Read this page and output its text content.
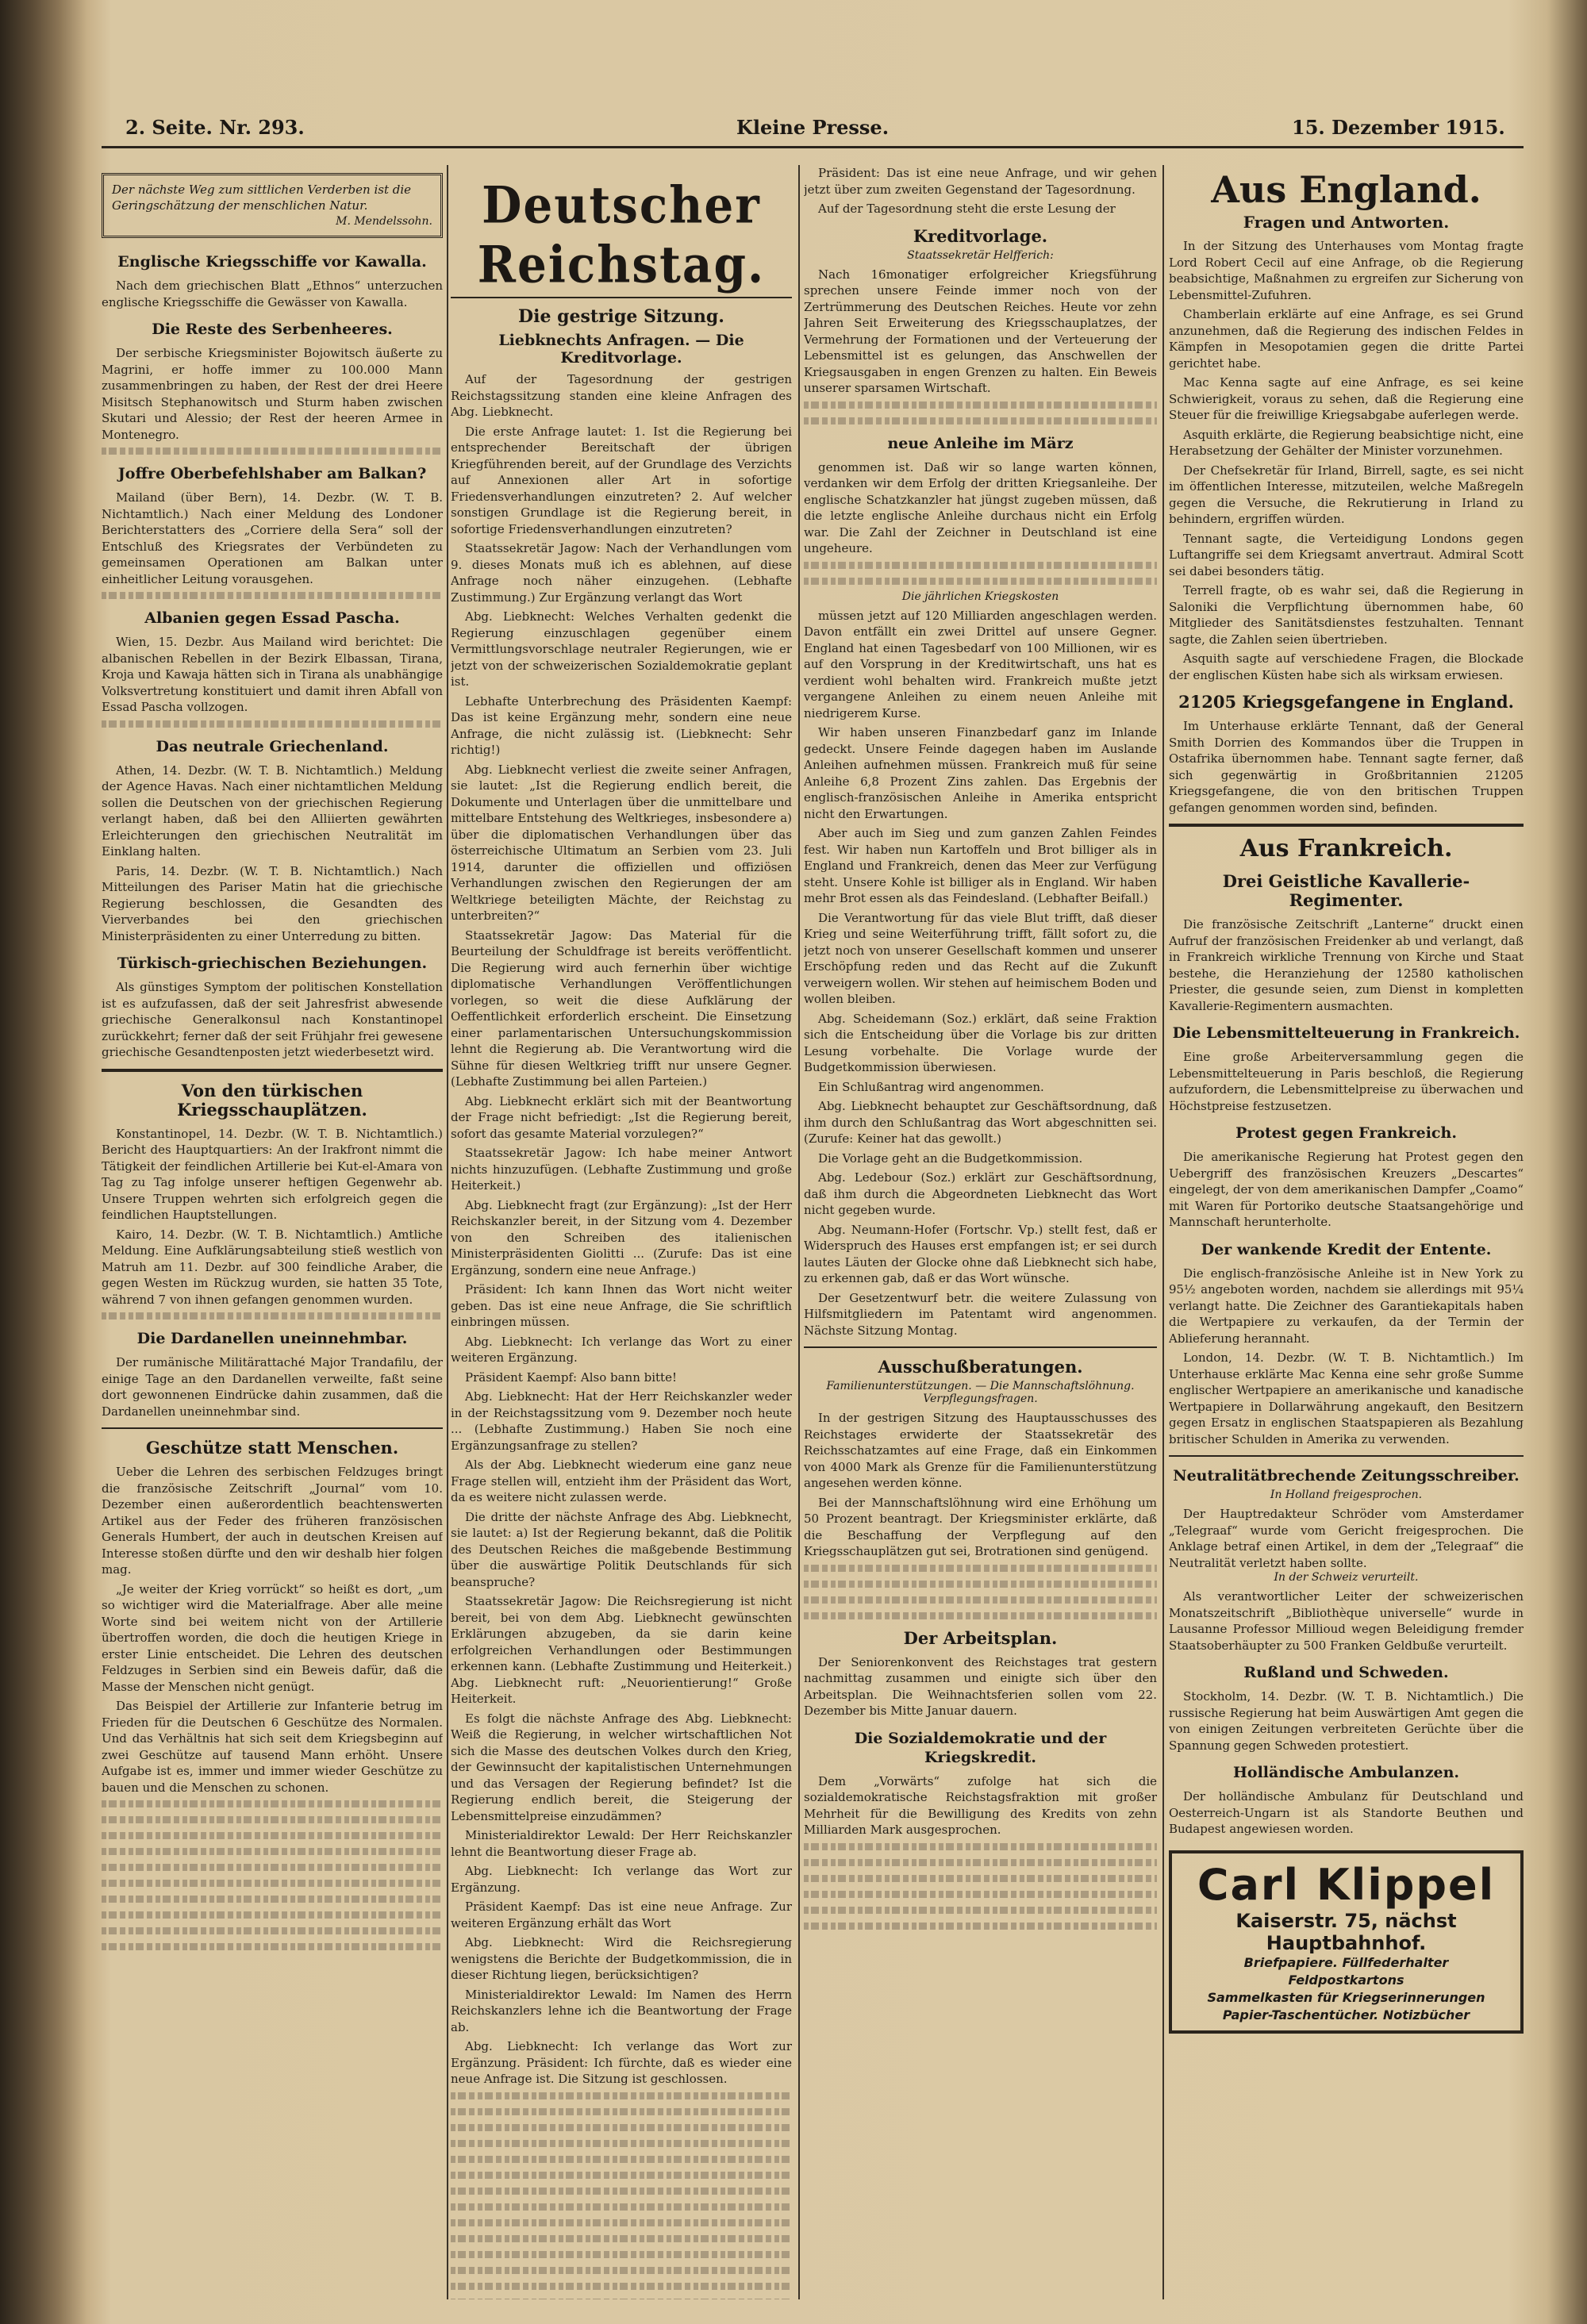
2. Seite. Nr. 293.	Kleine Presse.	15. Dezember 1915.
Der nächste Weg zum sittlichen Verderben ist die Geringschätzung der menschlichen Natur.
M. Mendelssohn.
Englische Kriegsschiffe vor Kawalla.

Nach dem griechischen Blatt „Ethnos“ unterzuchen englische Kriegsschiffe die Gewässer von Kawalla.

Die Reste des Serbenheeres.

Der serbische Kriegsminister Bojowitsch äußerte zu Magrini, er hoffe immer zu 100.000 Mann zusammenbringen zu haben, der Rest der drei Heere Misitsch Stephanowitsch und Sturm haben zwischen Skutari und Alessio; der Rest der heeren Armee in Montenegro.

Joffre Oberbefehlshaber am Balkan?

Mailand (über Bern), 14. Dezbr. (W. T. B. Nichtamtlich.) Nach einer Meldung des Londoner Berichterstatters des „Corriere della Sera“ soll der Entschluß des Kriegsrates der Verbündeten zu gemeinsamen Operationen am Balkan unter einheitlicher Leitung vorausgehen.

Albanien gegen Essad Pascha.

Wien, 15. Dezbr. Aus Mailand wird berichtet: Die albanischen Rebellen in der Bezirk Elbassan, Tirana, Kroja und Kawaja hätten sich in Tirana als unabhängige Volksvertretung konstituiert und damit ihren Abfall von Essad Pascha vollzogen.

Das neutrale Griechenland.

Athen, 14. Dezbr. (W. T. B. Nichtamtlich.) Meldung der Agence Havas. Nach einer nichtamtlichen Meldung sollen die Deutschen von der griechischen Regierung verlangt haben, daß bei den Alliierten gewährten Erleichterungen den griechischen Neutralität im Einklang halten.

Paris, 14. Dezbr. (W. T. B. Nichtamtlich.) Nach Mitteilungen des Pariser Matin hat die griechische Regierung beschlossen, die Gesandten des Vierverbandes bei den griechischen Ministerpräsidenten zu einer Unterredung zu bitten.

Türkisch-griechischen Beziehungen.

Als günstiges Symptom der politischen Konstellation ist es aufzufassen, daß der seit Jahresfrist abwesende griechische Generalkonsul nach Konstantinopel zurückkehrt; ferner daß der seit Frühjahr frei gewesene griechische Gesandtenposten jetzt wiederbesetzt wird.

Von den türkischen Kriegsschauplätzen.

Konstantinopel, 14. Dezbr. (W. T. B. Nichtamtlich.) Bericht des Hauptquartiers: An der Irakfront nimmt die Tätigkeit der feindlichen Artillerie bei Kut-el-Amara von Tag zu Tag infolge unserer heftigen Gegenwehr ab. Unsere Truppen wehrten sich erfolgreich gegen die feindlichen Hauptstellungen.

Kairo, 14. Dezbr. (W. T. B. Nichtamtlich.) Amtliche Meldung. Eine Aufklärungsabteilung stieß westlich von Matruh am 11. Dezbr. auf 300 feindliche Araber, die gegen Westen im Rückzug wurden, sie hatten 35 Tote, während 7 von ihnen gefangen genommen wurden.

Die Dardanellen uneinnehmbar.

Der rumänische Militärattaché Major Trandafilu, der einige Tage an den Dardanellen verweilte, faßt seine dort gewonnenen Eindrücke dahin zusammen, daß die Dardanellen uneinnehmbar sind.

Geschütze statt Menschen.

Ueber die Lehren des serbischen Feldzuges bringt die französische Zeitschrift „Journal“ vom 10. Dezember einen außerordentlich beachtenswerten Artikel aus der Feder des früheren französischen Generals Humbert, der auch in deutschen Kreisen auf Interesse stoßen dürfte und den wir deshalb hier folgen mag.

„Je weiter der Krieg vorrückt“ so heißt es dort, „um so wichtiger wird die Materialfrage. Aber alle meine Worte sind bei weitem nicht von der Artillerie übertroffen worden, die doch die heutigen Kriege in erster Linie entscheidet. Die Lehren des deutschen Feldzuges in Serbien sind ein Beweis dafür, daß die Masse der Menschen nicht genügt.

Das Beispiel der Artillerie zur Infanterie betrug im Frieden für die Deutschen 6 Geschütze des Normalen. Und das Verhältnis hat sich seit dem Kriegsbeginn auf zwei Geschütze auf tausend Mann erhöht. Unsere Aufgabe ist es, immer und immer wieder Geschütze zu bauen und die Menschen zu schonen.

Deutscher Reichstag.
Die gestrige Sitzung.
Liebknechts Anfragen. — Die Kreditvorlage.

Auf der Tagesordnung der gestrigen Reichstagssitzung standen eine kleine Anfragen des Abg. Liebknecht.

Die erste Anfrage lautet: 1. Ist die Regierung bei entsprechender Bereitschaft der übrigen Kriegführenden bereit, auf der Grundlage des Verzichts auf Annexionen aller Art in sofortige Friedensverhandlungen einzutreten? 2. Auf welcher sonstigen Grundlage ist die Regierung bereit, in sofortige Friedensverhandlungen einzutreten?

Staatssekretär Jagow: Nach der Verhandlungen vom 9. dieses Monats muß ich es ablehnen, auf diese Anfrage noch näher einzugehen. (Lebhafte Zustimmung.) Zur Ergänzung verlangt das Wort

Abg. Liebknecht: Welches Verhalten gedenkt die Regierung einzuschlagen gegenüber einem Vermittlungsvorschlage neutraler Regierungen, wie er jetzt von der schweizerischen Sozialdemokratie geplant ist.

Lebhafte Unterbrechung des Präsidenten Kaempf: Das ist keine Ergänzung mehr, sondern eine neue Anfrage, die nicht zulässig ist. (Liebknecht: Sehr richtig!)

Abg. Liebknecht verliest die zweite seiner Anfragen, sie lautet: „Ist die Regierung endlich bereit, die Dokumente und Unterlagen über die unmittelbare und mittelbare Entstehung des Weltkrieges, insbesondere a) über die diplomatischen Verhandlungen über das österreichische Ultimatum an Serbien vom 23. Juli 1914, darunter die offiziellen und offiziösen Verhandlungen zwischen den Regierungen der am Weltkriege beteiligten Mächte, der Reichstag zu unterbreiten?“

Staatssekretär Jagow: Das Material für die Beurteilung der Schuldfrage ist bereits veröffentlicht. Die Regierung wird auch fernerhin über wichtige diplomatische Verhandlungen Veröffentlichungen vorlegen, so weit die diese Aufklärung der Oeffentlichkeit erforderlich erscheint. Die Einsetzung einer parlamentarischen Untersuchungskommission lehnt die Regierung ab. Die Verantwortung wird die Sühne für diesen Weltkrieg trifft nur unsere Gegner. (Lebhafte Zustimmung bei allen Parteien.)

Abg. Liebknecht erklärt sich mit der Beantwortung der Frage nicht befriedigt: „Ist die Regierung bereit, sofort das gesamte Material vorzulegen?“

Staatssekretär Jagow: Ich habe meiner Antwort nichts hinzuzufügen. (Lebhafte Zustimmung und große Heiterkeit.)

Abg. Liebknecht fragt (zur Ergänzung): „Ist der Herr Reichskanzler bereit, in der Sitzung vom 4. Dezember von den Schreiben des italienischen Ministerpräsidenten Giolitti ... (Zurufe: Das ist eine Ergänzung, sondern eine neue Anfrage.)

Präsident: Ich kann Ihnen das Wort nicht weiter geben. Das ist eine neue Anfrage, die Sie schriftlich einbringen müssen.

Abg. Liebknecht: Ich verlange das Wort zu einer weiteren Ergänzung.

Präsident Kaempf: Also bann bitte!

Abg. Liebknecht: Hat der Herr Reichskanzler weder in der Reichstagssitzung vom 9. Dezember noch heute ... (Lebhafte Zustimmung.) Haben Sie noch eine Ergänzungsanfrage zu stellen?

Als der Abg. Liebknecht wiederum eine ganz neue Frage stellen will, entzieht ihm der Präsident das Wort, da es weitere nicht zulassen werde.

Die dritte der nächste Anfrage des Abg. Liebknecht, sie lautet: a) Ist der Regierung bekannt, daß die Politik des Deutschen Reiches die maßgebende Bestimmung über die auswärtige Politik Deutschlands für sich beanspruche?

Staatssekretär Jagow: Die Reichsregierung ist nicht bereit, bei von dem Abg. Liebknecht gewünschten Erklärungen abzugeben, da sie darin keine erfolgreichen Verhandlungen oder Bestimmungen erkennen kann. (Lebhafte Zustimmung und Heiterkeit.) Abg. Liebknecht ruft: „Neuorientierung!“ Große Heiterkeit.

Es folgt die nächste Anfrage des Abg. Liebknecht: Weiß die Regierung, in welcher wirtschaftlichen Not sich die Masse des deutschen Volkes durch den Krieg, der Gewinnsucht der kapitalistischen Unternehmungen und das Versagen der Regierung befindet? Ist die Regierung endlich bereit, die Steigerung der Lebensmittelpreise einzudämmen?

Ministerialdirektor Lewald: Der Herr Reichskanzler lehnt die Beantwortung dieser Frage ab.

Abg. Liebknecht: Ich verlange das Wort zur Ergänzung.

Präsident Kaempf: Das ist eine neue Anfrage. Zur weiteren Ergänzung erhält das Wort

Abg. Liebknecht: Wird die Reichsregierung wenigstens die Berichte der Budgetkommission, die in dieser Richtung liegen, berücksichtigen?

Ministerialdirektor Lewald: Im Namen des Herrn Reichskanzlers lehne ich die Beantwortung der Frage ab.

Abg. Liebknecht: Ich verlange das Wort zur Ergänzung. Präsident: Ich fürchte, daß es wieder eine neue Anfrage ist. Die Sitzung ist geschlossen.

Präsident: Das ist eine neue Anfrage, und wir gehen jetzt über zum zweiten Gegenstand der Tagesordnung.

Auf der Tagesordnung steht die erste Lesung der

Kreditvorlage.
Staatssekretär Helfferich:

Nach 16monatiger erfolgreicher Kriegsführung sprechen unsere Feinde immer noch von der Zertrümmerung des Deutschen Reiches. Heute vor zehn Jahren Seit Erweiterung des Kriegsschauplatzes, der Vermehrung der Formationen und der Verteuerung der Lebensmittel ist es gelungen, das Anschwellen der Kriegsausgaben in engen Grenzen zu halten. Ein Beweis unserer sparsamen Wirtschaft.

neue Anleihe im März

genommen ist. Daß wir so lange warten können, verdanken wir dem Erfolg der dritten Kriegsanleihe. Der englische Schatzkanzler hat jüngst zugeben müssen, daß die letzte englische Anleihe durchaus nicht ein Erfolg war. Die Zahl der Zeichner in Deutschland ist eine ungeheure.

Die jährlichen Kriegskosten

müssen jetzt auf 120 Milliarden angeschlagen werden. Davon entfällt ein zwei Drittel auf unsere Gegner. England hat einen Tagesbedarf von 100 Millionen, wir es auf den Vorsprung in der Kreditwirtschaft, uns hat es verdient wohl behalten wird. Frankreich mußte jetzt vergangene Anleihen zu einem neuen Anleihe mit niedrigerem Kurse.

Wir haben unseren Finanzbedarf ganz im Inlande gedeckt. Unsere Feinde dagegen haben im Auslande Anleihen aufnehmen müssen. Frankreich muß für seine Anleihe 6,8 Prozent Zins zahlen. Das Ergebnis der englisch-französischen Anleihe in Amerika entspricht nicht den Erwartungen.

Aber auch im Sieg und zum ganzen Zahlen Feindes fest. Wir haben nun Kartoffeln und Brot billiger als in England und Frankreich, denen das Meer zur Verfügung steht. Unsere Kohle ist billiger als in England. Wir haben mehr Brot essen als das Feindesland. (Lebhafter Beifall.)

Die Verantwortung für das viele Blut trifft, daß dieser Krieg und seine Weiterführung trifft, fällt sofort zu, die jetzt noch von unserer Gesellschaft kommen und unserer Erschöpfung reden und das Recht auf die Zukunft verweigern wollen. Wir stehen auf heimischem Boden und wollen bleiben.

Abg. Scheidemann (Soz.) erklärt, daß seine Fraktion sich die Entscheidung über die Vorlage bis zur dritten Lesung vorbehalte. Die Vorlage wurde der Budgetkommission überwiesen.

Ein Schlußantrag wird angenommen.

Abg. Liebknecht behauptet zur Geschäftsordnung, daß ihm durch den Schlußantrag das Wort abgeschnitten sei. (Zurufe: Keiner hat das gewollt.)

Die Vorlage geht an die Budgetkommission.

Abg. Ledebour (Soz.) erklärt zur Geschäftsordnung, daß ihm durch die Abgeordneten Liebknecht das Wort nicht gegeben wurde.

Abg. Neumann-Hofer (Fortschr. Vp.) stellt fest, daß er Widerspruch des Hauses erst empfangen ist; er sei durch lautes Läuten der Glocke ohne daß Liebknecht sich habe, zu erkennen gab, daß er das Wort wünsche.

Der Gesetzentwurf betr. die weitere Zulassung von Hilfsmitgliedern im Patentamt wird angenommen. Nächste Sitzung Montag.

Ausschußberatungen.
Familienunterstützungen. — Die Mannschaftslöhnung. Verpflegungsfragen.

In der gestrigen Sitzung des Hauptausschusses des Reichstages erwiderte der Staatssekretär des Reichsschatzamtes auf eine Frage, daß ein Einkommen von 4000 Mark als Grenze für die Familienunterstützung angesehen werden könne.

Bei der Mannschaftslöhnung wird eine Erhöhung um 50 Prozent beantragt. Der Kriegsminister erklärte, daß die Beschaffung der Verpflegung auf den Kriegsschauplätzen gut sei, Brotrationen sind genügend.

Der Arbeitsplan.

Der Seniorenkonvent des Reichstages trat gestern nachmittag zusammen und einigte sich über den Arbeitsplan. Die Weihnachtsferien sollen vom 22. Dezember bis Mitte Januar dauern.

Die Sozialdemokratie und der Kriegskredit.

Dem „Vorwärts“ zufolge hat sich die sozialdemokratische Reichstagsfraktion mit großer Mehrheit für die Bewilligung des Kredits von zehn Milliarden Mark ausgesprochen.

Aus England.
Fragen und Antworten.

In der Sitzung des Unterhauses vom Montag fragte Lord Robert Cecil auf eine Anfrage, ob die Regierung beabsichtige, Maßnahmen zu ergreifen zur Sicherung von Lebensmittel-Zufuhren.

Chamberlain erklärte auf eine Anfrage, es sei Grund anzunehmen, daß die Regierung des indischen Feldes in Kämpfen in Mesopotamien gegen die dritte Partei gerichtet habe.

Mac Kenna sagte auf eine Anfrage, es sei keine Schwierigkeit, voraus zu sehen, daß die Regierung eine Steuer für die freiwillige Kriegsabgabe auferlegen werde.

Asquith erklärte, die Regierung beabsichtige nicht, eine Herabsetzung der Gehälter der Minister vorzunehmen.

Der Chefsekretär für Irland, Birrell, sagte, es sei nicht im öffentlichen Interesse, mitzuteilen, welche Maßregeln gegen die Versuche, die Rekrutierung in Irland zu behindern, ergriffen würden.

Tennant sagte, die Verteidigung Londons gegen Luftangriffe sei dem Kriegsamt anvertraut. Admiral Scott sei dabei besonders tätig.

Terrell fragte, ob es wahr sei, daß die Regierung in Saloniki die Verpflichtung übernommen habe, 60 Mitglieder des Sanitätsdienstes festzuhalten. Tennant sagte, die Zahlen seien übertrieben.

Asquith sagte auf verschiedene Fragen, die Blockade der englischen Küsten habe sich als wirksam erwiesen.

21205 Kriegsgefangene in England.

Im Unterhause erklärte Tennant, daß der General Smith Dorrien des Kommandos über die Truppen in Ostafrika übernommen habe. Tennant sagte ferner, daß sich gegenwärtig in Großbritannien 21205 Kriegsgefangene, die von den britischen Truppen gefangen genommen worden sind, befinden.

Aus Frankreich.
Drei Geistliche Kavallerie-Regimenter.

Die französische Zeitschrift „Lanterne“ druckt einen Aufruf der französischen Freidenker ab und verlangt, daß in Frankreich wirkliche Trennung von Kirche und Staat bestehe, die Heranziehung der 12580 katholischen Priester, die gesunde seien, zum Dienst in kompletten Kavallerie-Regimentern ausmachten.

Die Lebensmittelteuerung in Frankreich.

Eine große Arbeiterversammlung gegen die Lebensmittelteuerung in Paris beschloß, die Regierung aufzufordern, die Lebensmittelpreise zu überwachen und Höchstpreise festzusetzen.

Protest gegen Frankreich.

Die amerikanische Regierung hat Protest gegen den Uebergriff des französischen Kreuzers „Descartes“ eingelegt, der von dem amerikanischen Dampfer „Coamo“ mit Waren für Portoriko deutsche Staatsangehörige und Mannschaft herunterholte.

Der wankende Kredit der Entente.

Die englisch-französische Anleihe ist in New York zu 95½ angeboten worden, nachdem sie allerdings mit 95¼ verlangt hatte. Die Zeichner des Garantiekapitals haben die Wertpapiere zu verkaufen, da der Termin der Ablieferung herannaht.

London, 14. Dezbr. (W. T. B. Nichtamtlich.) Im Unterhause erklärte Mac Kenna eine sehr große Summe englischer Wertpapiere an amerikanische und kanadische Wertpapiere in Dollarwährung angekauft, den Besitzern gegen Ersatz in englischen Staatspapieren als Bezahlung britischer Schulden in Amerika zu verwenden.

Neutralitätbrechende Zeitungsschreiber.
In Holland freigesprochen.

Der Hauptredakteur Schröder vom Amsterdamer „Telegraaf“ wurde vom Gericht freigesprochen. Die Anklage betraf einen Artikel, in dem der „Telegraaf“ die Neutralität verletzt haben sollte.

In der Schweiz verurteilt.

Als verantwortlicher Leiter der schweizerischen Monatszeitschrift „Bibliothèque universelle“ wurde in Lausanne Professor Millioud wegen Beleidigung fremder Staatsoberhäupter zu 500 Franken Geldbuße verurteilt.

Rußland und Schweden.

Stockholm, 14. Dezbr. (W. T. B. Nichtamtlich.) Die russische Regierung hat beim Auswärtigen Amt gegen die von einigen Zeitungen verbreiteten Gerüchte über die Spannung gegen Schweden protestiert.

Holländische Ambulanzen.

Der holländische Ambulanz für Deutschland und Oesterreich-Ungarn ist als Standorte Beuthen und Budapest angewiesen worden.

Carl Klippel
Kaiserstr. 75, nächst Hauptbahnhof.
Briefpapiere. Füllfederhalter
Feldpostkartons
Sammelkasten für Kriegserinnerungen
Papier-Taschentücher. Notizbücher
